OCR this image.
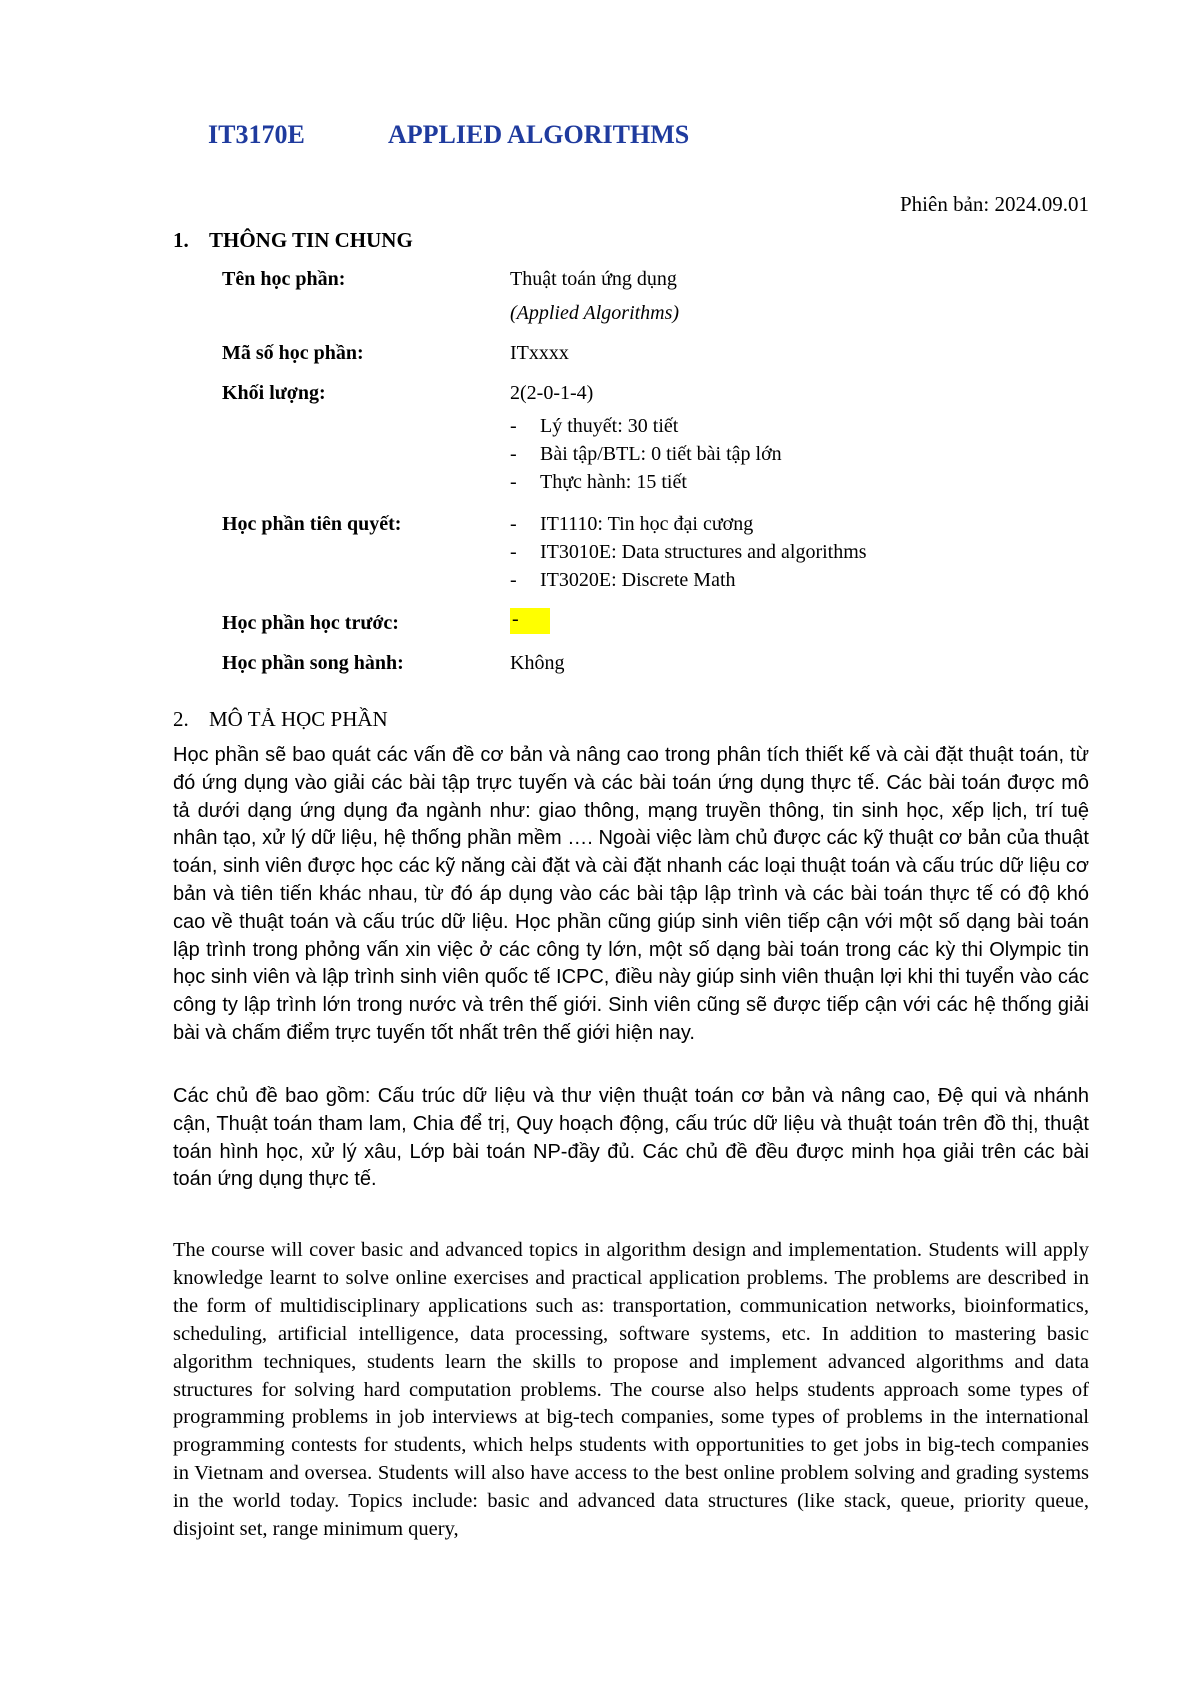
IT3170E	APPLIED ALGORITHMS
Phiên bản: 2024.09.01
1. THÔNG TIN CHUNG
Tên học phần:	Thuật toán ứng dụng
(Applied Algorithms)
Mã số học phần:	ITxxxx
Khối lượng:	2(2-0-1-4)
- Lý thuyết: 30 tiết
- Bài tập/BTL: 0 tiết bài tập lớn
- Thực hành: 15 tiết
Học phần tiên quyết:	- IT1110: Tin học đại cương
- IT3010E: Data structures and algorithms
- IT3020E: Discrete Math
Học phần học trước:	-
Học phần song hành:	Không
2. MÔ TẢ HỌC PHẦN

Học phần sẽ bao quát các vấn đề cơ bản và nâng cao trong phân tích thiết kế và cài đặt thuật toán, từ đó ứng dụng vào giải các bài tập trực tuyến và các bài toán ứng dụng thực tế. Các bài toán được mô tả dưới dạng ứng dụng đa ngành như: giao thông, mạng truyền thông, tin sinh học, xếp lịch, trí tuệ nhân tạo, xử lý dữ liệu, hệ thống phần mềm …. Ngoài việc làm chủ được các kỹ thuật cơ bản của thuật toán, sinh viên được học các kỹ năng cài đặt và cài đặt nhanh các loại thuật toán và cấu trúc dữ liệu cơ bản và tiên tiến khác nhau, từ đó áp dụng vào các bài tập lập trình và các bài toán thực tế có độ khó cao về thuật toán và cấu trúc dữ liệu. Học phần cũng giúp sinh viên tiếp cận với một số dạng bài toán lập trình trong phỏng vấn xin việc ở các công ty lớn, một số dạng bài toán trong các kỳ thi Olympic tin học sinh viên và lập trình sinh viên quốc tế ICPC, điều này giúp sinh viên thuận lợi khi thi tuyển vào các công ty lập trình lớn trong nước và trên thế giới. Sinh viên cũng sẽ được tiếp cận với các hệ thống giải bài và chấm điểm trực tuyến tốt nhất trên thế giới hiện nay.

Các chủ đề bao gồm: Cấu trúc dữ liệu và thư viện thuật toán cơ bản và nâng cao, Đệ qui và nhánh cận, Thuật toán tham lam, Chia để trị, Quy hoạch động, cấu trúc dữ liệu và thuật toán trên đồ thị, thuật toán hình học, xử lý xâu, Lớp bài toán NP-đầy đủ. Các chủ đề đều được minh họa giải trên các bài toán ứng dụng thực tế.

The course will cover basic and advanced topics in algorithm design and implementation. Students will apply knowledge learnt to solve online exercises and practical application problems. The problems are described in the form of multidisciplinary applications such as: transportation, communication networks, bioinformatics, scheduling, artificial intelligence, data processing, software systems, etc. In addition to mastering basic algorithm techniques, students learn the skills to propose and implement advanced algorithms and data structures for solving hard computation problems. The course also helps students approach some types of programming problems in job interviews at big-tech companies, some types of problems in the international programming contests for students, which helps students with opportunities to get jobs in big-tech companies in Vietnam and oversea. Students will also have access to the best online problem solving and grading systems in the world today. Topics include: basic and advanced data structures (like stack, queue, priority queue, disjoint set, range minimum query,
